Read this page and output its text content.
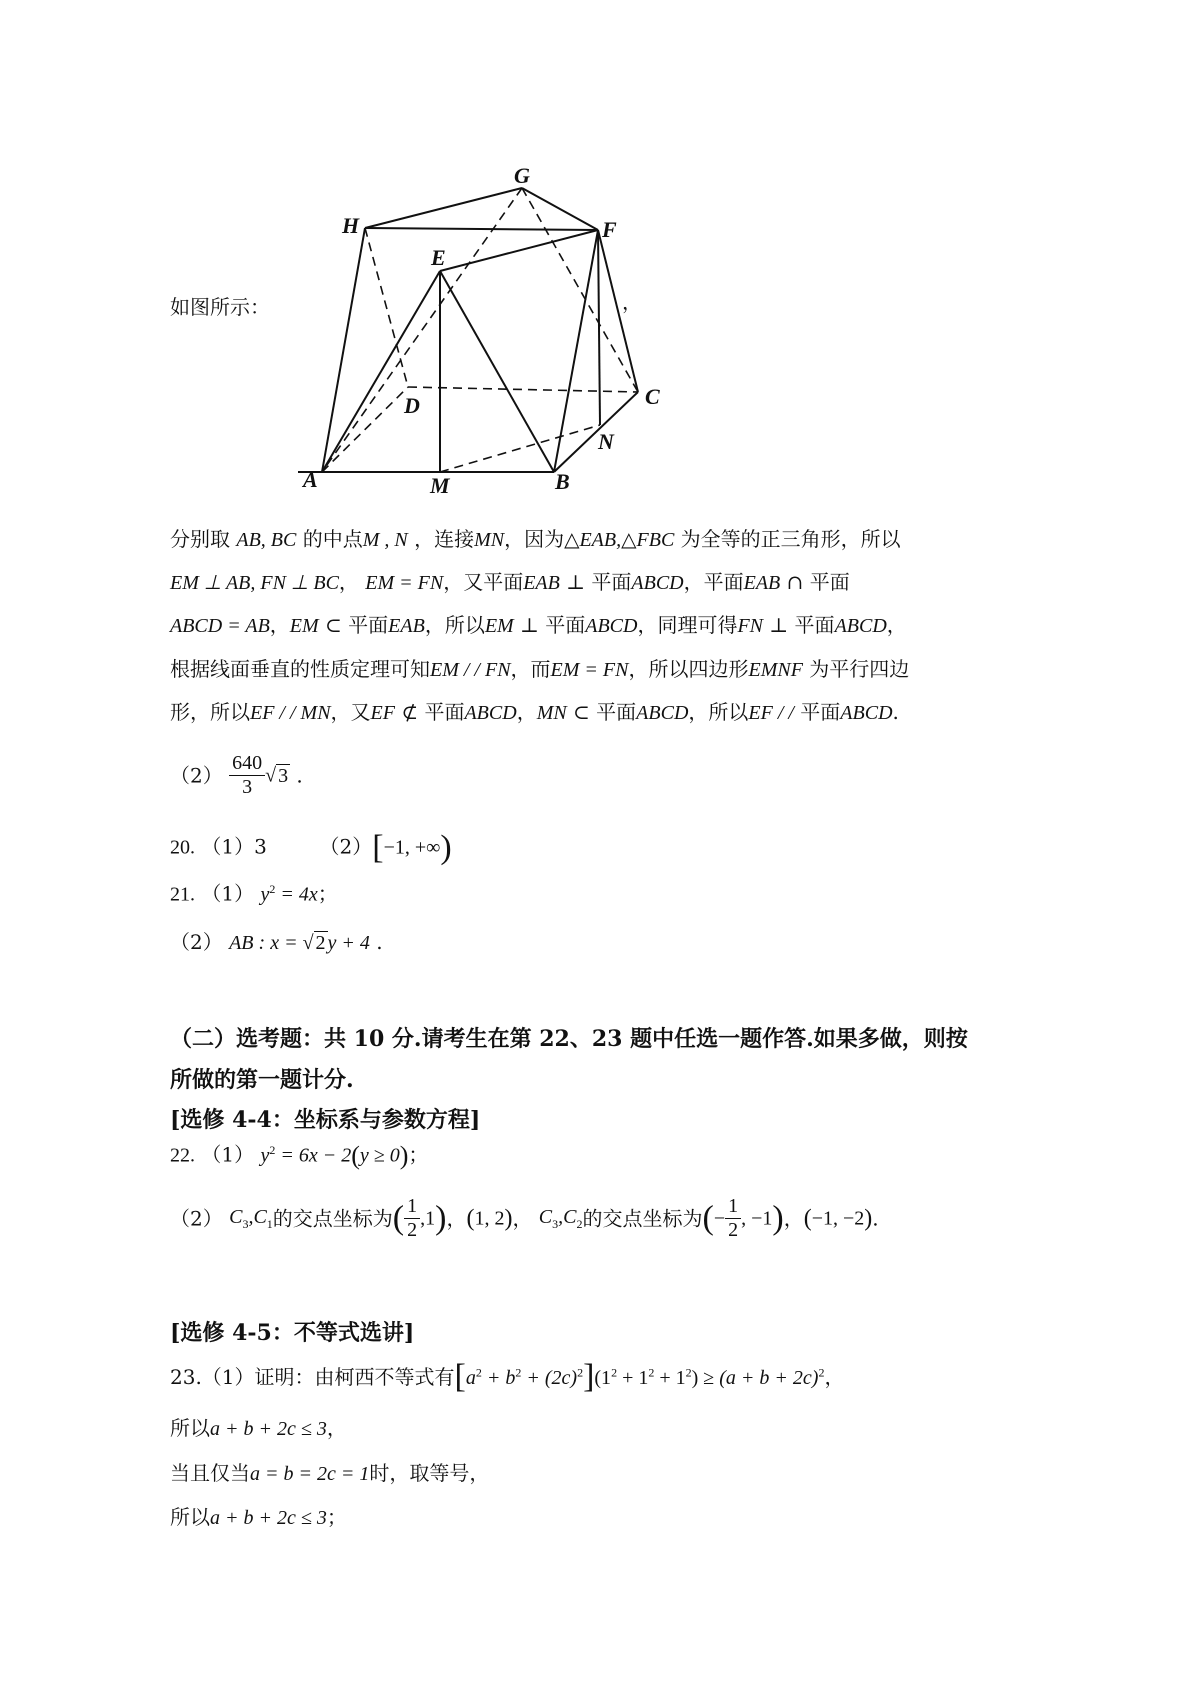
如图所示：	，
A	M	B
N
C
D
E
F
G
H
分别取 AB, BC 的中点M , N ，连接MN，因为△EAB,△FBC 为全等的正三角形，所以
EM ⊥ AB, FN ⊥ BC， EM = FN，又平面EAB ⊥ 平面ABCD，平面EAB ∩ 平面
ABCD = AB，EM ⊂ 平面EAB，所以EM ⊥ 平面ABCD，同理可得FN ⊥ 平面ABCD，
根据线面垂直的性质定理可知EM / / FN，而EM = FN，所以四边形EMNF 为平行四边
形，所以EF / / MN，又EF ⊄ 平面ABCD，MN ⊂ 平面ABCD，所以EF / / 平面ABCD.
$(2) \frac{640}{3}$ √ 3 .
20. （1）3	（2）[−1, +∞)
21. （1） $y^2 = 4x$；
（2） AB : x = √ 2 y + 4 .
（二）选考题：共 10 分.请考生在第 22、23 题中任选一题作答.如果多做，则按
所做的第一题计分.
[选修 4-4：坐标系与参数方程]
22. （1） $y^2 = 6x - 2(y \ge 0)$；
（2） $C_3,C_1$的交点坐标为( $\frac{1}{2} ,1$)，(1, 2)， $C_3,C_2$的交点坐标为(− $\frac{1}{2}$ , −1)，(−1, −2).
[选修 4-5：不等式选讲]
23.（1）证明：由柯西不等式有$[a^2 + b^2 + (2c)^2](1^2 + 1^2 + 1^2) \ge (a + b + 2c)^2$，
所以a + b + 2c ≤ 3，
当且仅当a = b = 2c = 1时，取等号，
所以a + b + 2c ≤ 3；
